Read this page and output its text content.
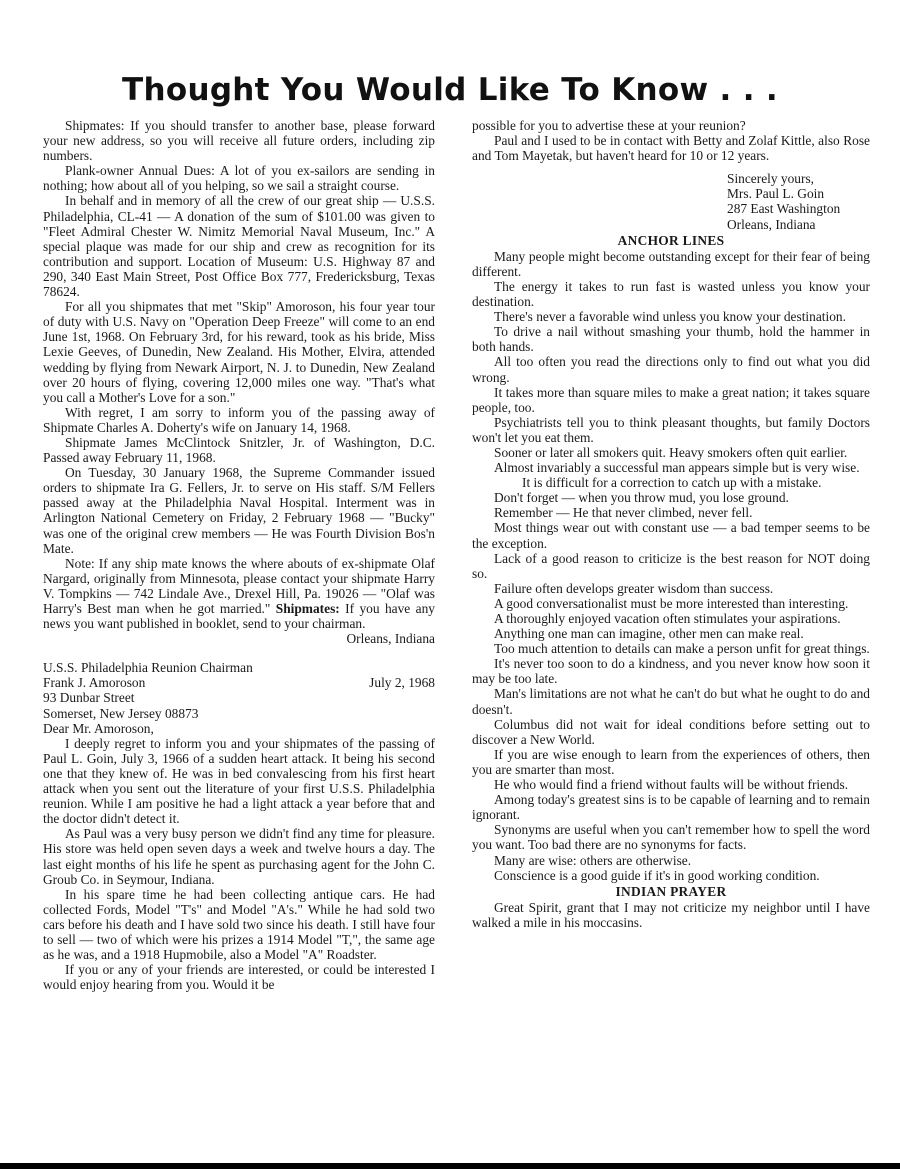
Thought You Would Like To Know . . .

Shipmates: If you should transfer to another base, please forward your new address, so you will receive all future orders, including zip numbers.

Plank-owner Annual Dues: A lot of you ex-sailors are sending in nothing; how about all of you helping, so we sail a straight course.

In behalf and in memory of all the crew of our great ship — U.S.S. Philadelphia, CL-41 — A donation of the sum of $101.00 was given to "Fleet Admiral Chester W. Nimitz Memorial Naval Museum, Inc." A special plaque was made for our ship and crew as recognition for its contribution and support. Location of Museum: U.S. Highway 87 and 290, 340 East Main Street, Post Office Box 777, Fredericksburg, Texas 78624.

For all you shipmates that met "Skip" Amoroson, his four year tour of duty with U.S. Navy on "Operation Deep Freeze" will come to an end June 1st, 1968. On February 3rd, for his reward, took as his bride, Miss Lexie Geeves, of Dunedin, New Zealand. His Mother, Elvira, attended wedding by flying from Newark Airport, N. J. to Dunedin, New Zealand over 20 hours of flying, covering 12,000 miles one way. "That's what you call a Mother's Love for a son."

With regret, I am sorry to inform you of the passing away of Shipmate Charles A. Doherty's wife on January 14, 1968.

Shipmate James McClintock Snitzler, Jr. of Washington, D.C. Passed away February 11, 1968.

On Tuesday, 30 January 1968, the Supreme Commander issued orders to shipmate Ira G. Fellers, Jr. to serve on His staff. S/M Fellers passed away at the Philadelphia Naval Hospital. Interment was in Arlington National Cemetery on Friday, 2 February 1968 — "Bucky" was one of the original crew members — He was Fourth Division Bos'n Mate.

Note: If any ship mate knows the where abouts of ex-shipmate Olaf Nargard, originally from Minnesota, please contact your shipmate Harry V. Tompkins — 742 Lindale Ave., Drexel Hill, Pa. 19026 — "Olaf was Harry's Best man when he got married." Shipmates: If you have any news you want published in booklet, send to your chairman.

Orleans, Indiana

U.S.S. Philadelphia Reunion Chairman

Frank J. Amoroson	July 2, 1968

93 Dunbar Street

Somerset, New Jersey 08873

Dear Mr. Amoroson,

I deeply regret to inform you and your shipmates of the passing of Paul L. Goin, July 3, 1966 of a sudden heart attack. It being his second one that they knew of. He was in bed convalescing from his first heart attack when you sent out the literature of your first U.S.S. Philadelphia reunion. While I am positive he had a light attack a year before that and the doctor didn't detect it.

As Paul was a very busy person we didn't find any time for pleasure. His store was held open seven days a week and twelve hours a day. The last eight months of his life he spent as purchasing agent for the John C. Groub Co. in Seymour, Indiana.

In his spare time he had been collecting antique cars. He had collected Fords, Model "T's" and Model "A's." While he had sold two cars before his death and I have sold two since his death. I still have four to sell — two of which were his prizes a 1914 Model "T,", the same age as he was, and a 1918 Hupmobile, also a Model "A" Roadster.

If you or any of your friends are interested, or could be interested I would enjoy hearing from you. Would it be

possible for you to advertise these at your reunion?

Paul and I used to be in contact with Betty and Zolaf Kittle, also Rose and Tom Mayetak, but haven't heard for 10 or 12 years.

Sincerely yours,

Mrs. Paul L. Goin

287 East Washington

Orleans, Indiana

ANCHOR LINES

Many people might become outstanding except for their fear of being different.

The energy it takes to run fast is wasted unless you know your destination.

There's never a favorable wind unless you know your destination.

To drive a nail without smashing your thumb, hold the hammer in both hands.

All too often you read the directions only to find out what you did wrong.

It takes more than square miles to make a great nation; it takes square people, too.

Psychiatrists tell you to think pleasant thoughts, but family Doctors won't let you eat them.

Sooner or later all smokers quit. Heavy smokers often quit earlier.

Almost invariably a successful man appears simple but is very wise.

It is difficult for a correction to catch up with a mistake.

Don't forget — when you throw mud, you lose ground.

Remember — He that never climbed, never fell.

Most things wear out with constant use — a bad temper seems to be the exception.

Lack of a good reason to criticize is the best reason for NOT doing so.

Failure often develops greater wisdom than success.

A good conversationalist must be more interested than interesting.

A thoroughly enjoyed vacation often stimulates your aspirations.

Anything one man can imagine, other men can make real.

Too much attention to details can make a person unfit for great things.

It's never too soon to do a kindness, and you never know how soon it may be too late.

Man's limitations are not what he can't do but what he ought to do and doesn't.

Columbus did not wait for ideal conditions before setting out to discover a New World.

If you are wise enough to learn from the experiences of others, then you are smarter than most.

He who would find a friend without faults will be without friends.

Among today's greatest sins is to be capable of learning and to remain ignorant.

Synonyms are useful when you can't remember how to spell the word you want. Too bad there are no synonyms for facts.

Many are wise: others are otherwise.

Conscience is a good guide if it's in good working condition.

INDIAN PRAYER

Great Spirit, grant that I may not criticize my neighbor until I have walked a mile in his moccasins.
